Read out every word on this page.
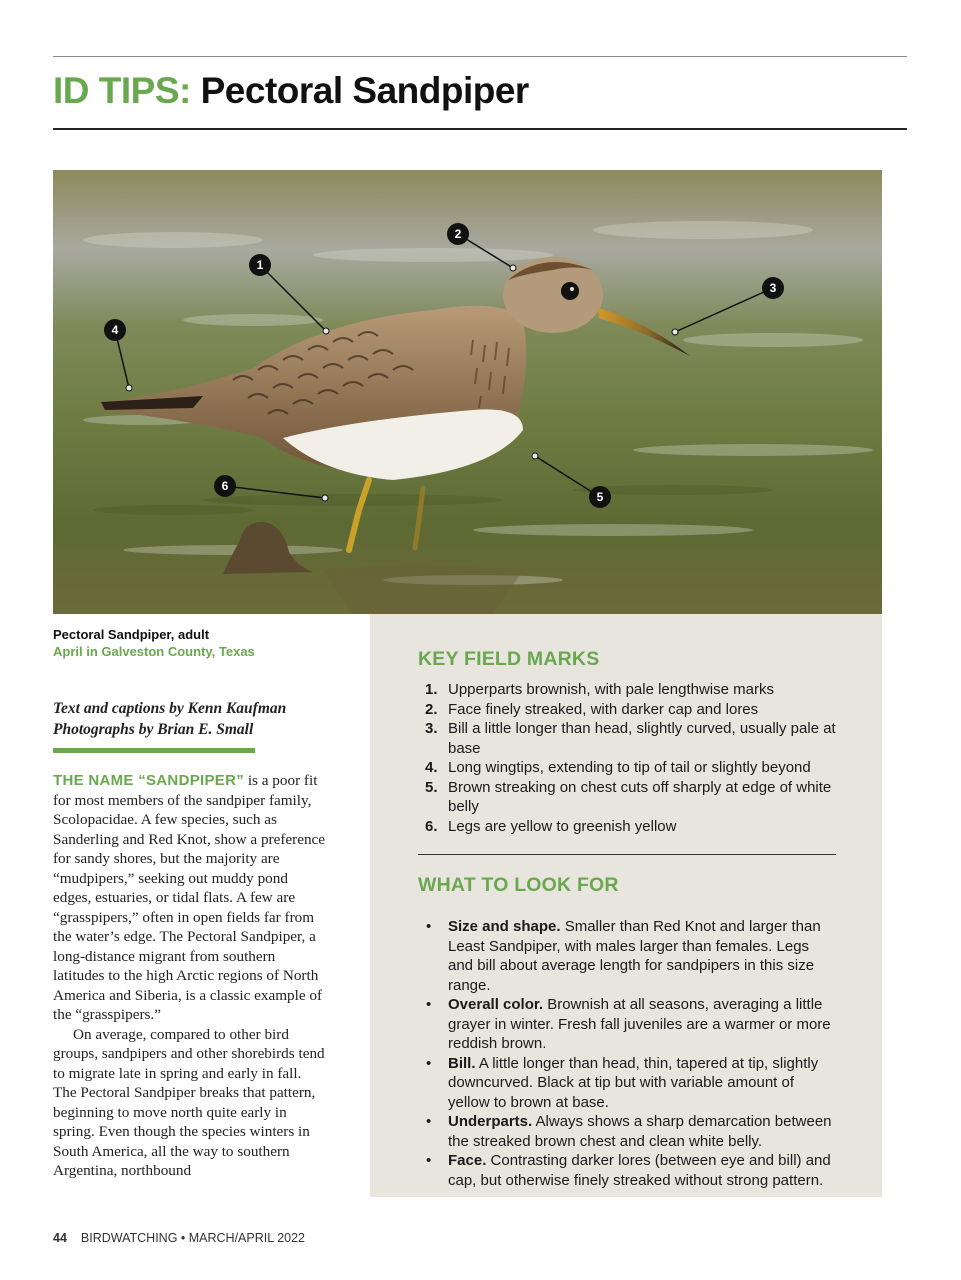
ID TIPS: Pectoral Sandpiper
1
2
3
4
5
6
Pectoral Sandpiper, adult
April in Galveston County, Texas
Text and captions by Kenn Kaufman
Photographs by Brian E. Small

THE NAME “SANDPIPER” is a poor fit for most members of the sandpiper family, Scolopacidae. A few species, such as Sanderling and Red Knot, show a preference for sandy shores, but the majority are “mudpipers,” seeking out muddy pond edges, estuaries, or tidal flats. A few are “grasspipers,” often in open fields far from the water’s edge. The Pectoral Sandpiper, a long-distance migrant from southern latitudes to the high Arctic regions of North America and Siberia, is a classic example of the “grasspipers.”

On average, compared to other bird groups, sandpipers and other shorebirds tend to migrate late in spring and early in fall. The Pectoral Sandpiper breaks that pattern, beginning to move north quite early in spring. Even though the species winters in South America, all the way to southern Argentina, northbound

KEY FIELD MARKS
1. Upperparts brownish, with pale lengthwise marks
2. Face finely streaked, with darker cap and lores
3. Bill a little longer than head, slightly curved, usually pale at base
4. Long wingtips, extending to tip of tail or slightly beyond
5. Brown streaking on chest cuts off sharply at edge of white belly
6. Legs are yellow to greenish yellow
WHAT TO LOOK FOR
• Size and shape. Smaller than Red Knot and larger than Least Sandpiper, with males larger than females. Legs and bill about average length for sandpipers in this size range.
• Overall color. Brownish at all seasons, averaging a little grayer in winter. Fresh fall juveniles are a warmer or more reddish brown.
• Bill. A little longer than head, thin, tapered at tip, slightly downcurved. Black at tip but with variable amount of yellow to brown at base.
• Underparts. Always shows a sharp demarcation between the streaked brown chest and clean white belly.
• Face. Contrasting darker lores (between eye and bill) and cap, but otherwise finely streaked without strong pattern.
44 BIRDWATCHING • MARCH/APRIL 2022
